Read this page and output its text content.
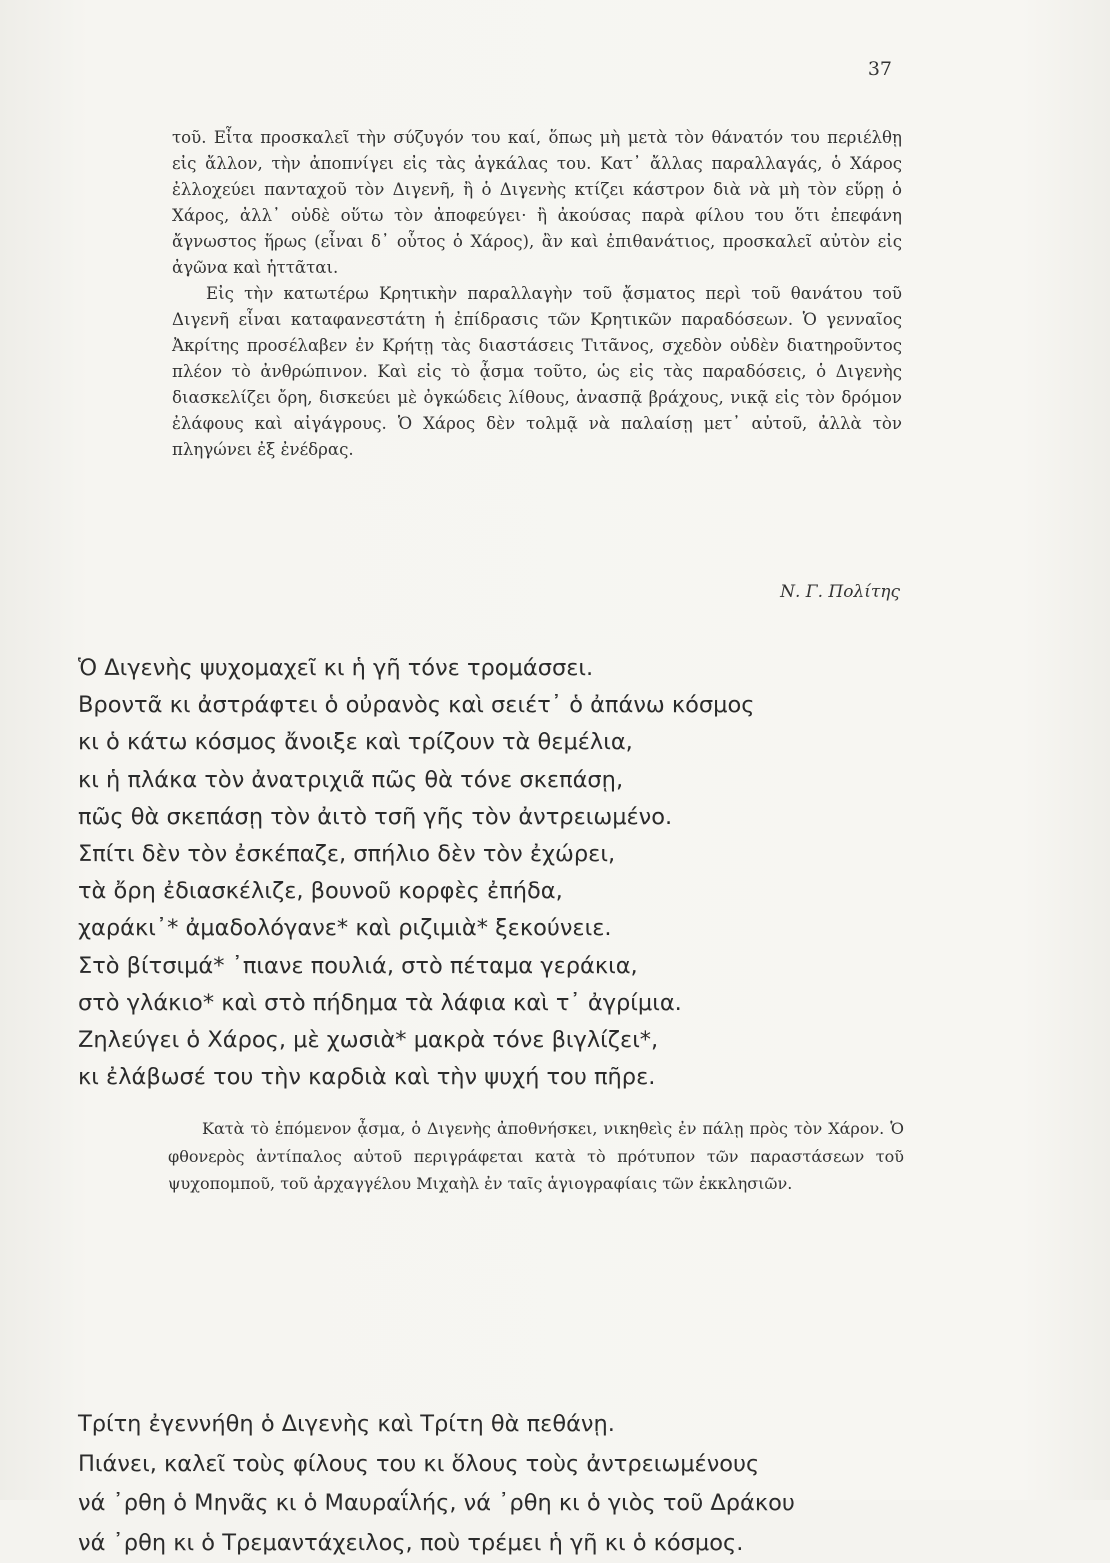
37

τοῦ. Εἶτα προσκαλεῖ τὴν σύζυγόν του καί, ὅπως μὴ μετὰ τὸν θάνατόν του περιέλθῃ εἰς ἄλλον, τὴν ἀποπνίγει εἰς τὰς ἀγκάλας του. Κατ᾿ ἄλλας παραλλαγάς, ὁ Χάρος ἐλλοχεύει πανταχοῦ τὸν Διγενῆ, ἢ ὁ Διγενὴς κτίζει κάστρον διὰ νὰ μὴ τὸν εὕρῃ ὁ Χάρος, ἀλλ᾿ οὐδὲ οὕτω τὸν ἀποφεύγει· ἢ ἀκούσας παρὰ φίλου του ὅτι ἐπεφάνη ἄγνωστος ἥρως (εἶναι δ᾿ οὗτος ὁ Χάρος), ἂν καὶ ἐπιθανάτιος, προσκαλεῖ αὐτὸν εἰς ἀγῶνα καὶ ἡττᾶται.

Εἰς τὴν κατωτέρω Κρητικὴν παραλλαγὴν τοῦ ᾄσματος περὶ τοῦ θανάτου τοῦ Διγενῆ εἶναι καταφανεστάτη ἡ ἐπίδρασις τῶν Κρητικῶν παραδόσεων. Ὁ γενναῖος Ἀκρίτης προσέλαβεν ἐν Κρήτῃ τὰς διαστάσεις Τιτᾶνος, σχεδὸν οὐδὲν διατηροῦντος πλέον τὸ ἀνθρώπινον. Καὶ εἰς τὸ ᾆσμα τοῦτο, ὡς εἰς τὰς παραδόσεις, ὁ Διγενὴς διασκελίζει ὄρη, δισκεύει μὲ ὀγκώδεις λίθους, ἀνασπᾷ βράχους, νικᾷ εἰς τὸν δρόμον ἐλάφους καὶ αἰγάγρους. Ὁ Χάρος δὲν τολμᾷ νὰ παλαίσῃ μετ᾿ αὐτοῦ, ἀλλὰ τὸν πληγώνει ἐξ ἐνέδρας.

Ν. Γ. Πολίτης
Ὁ Διγενὴς ψυχομαχεῖ κι ἡ γῆ τόνε τρομάσσει.
Βροντᾶ κι ἀστράφτει ὁ οὐρανὸς καὶ σειέτ᾿ ὁ ἀπάνω κόσμος
κι ὁ κάτω κόσμος ἄνοιξε καὶ τρίζουν τὰ θεμέλια,
κι ἡ πλάκα τὸν ἀνατριχιᾶ πῶς θὰ τόνε σκεπάσῃ,
πῶς θὰ σκεπάσῃ τὸν ἀιτὸ τσῆ γῆς τὸν ἀντρειωμένο.
Σπίτι δὲν τὸν ἐσκέπαζε, σπήλιο δὲν τὸν ἐχώρει,
τὰ ὄρη ἐδιασκέλιζε, βουνοῦ κορφὲς ἐπήδα,
χαράκι᾿* ἀμαδολόγανε* καὶ ριζιμιὰ* ξεκούνειε.
Στὸ βίτσιμά* ᾿πιανε πουλιά, στὸ πέταμα γεράκια,
στὸ γλάκιο* καὶ στὸ πήδημα τὰ λάφια καὶ τ᾿ ἀγρίμια.
Ζηλεύγει ὁ Χάρος, μὲ χωσιὰ* μακρὰ τόνε βιγλίζει*,
κι ἐλάβωσέ του τὴν καρδιὰ καὶ τὴν ψυχή του πῆρε.

Κατὰ τὸ ἑπόμενον ᾆσμα, ὁ Διγενὴς ἀποθνήσκει, νικηθεὶς ἐν πάλῃ πρὸς τὸν Χάρον. Ὁ φθονερὸς ἀντίπαλος αὐτοῦ περιγράφεται κατὰ τὸ πρότυπον τῶν παραστάσεων τοῦ ψυχοπομποῦ, τοῦ ἀρχαγγέλου Μιχαὴλ ἐν ταῖς ἁγιογραφίαις τῶν ἐκκλησιῶν.

Τρίτη ἐγεννήθη ὁ Διγενὴς καὶ Τρίτη θὰ πεθάνῃ.
Πιάνει, καλεῖ τοὺς φίλους του κι ὅλους τοὺς ἀντρειωμένους
νά ᾿ρθη ὁ Μηνᾶς κι ὁ Μαυραΐλής, νά ᾿ρθη κι ὁ γιὸς τοῦ Δράκου
νά ᾿ρθη κι ὁ Τρεμαντάχειλος, ποὺ τρέμει ἡ γῆ κι ὁ κόσμος.
